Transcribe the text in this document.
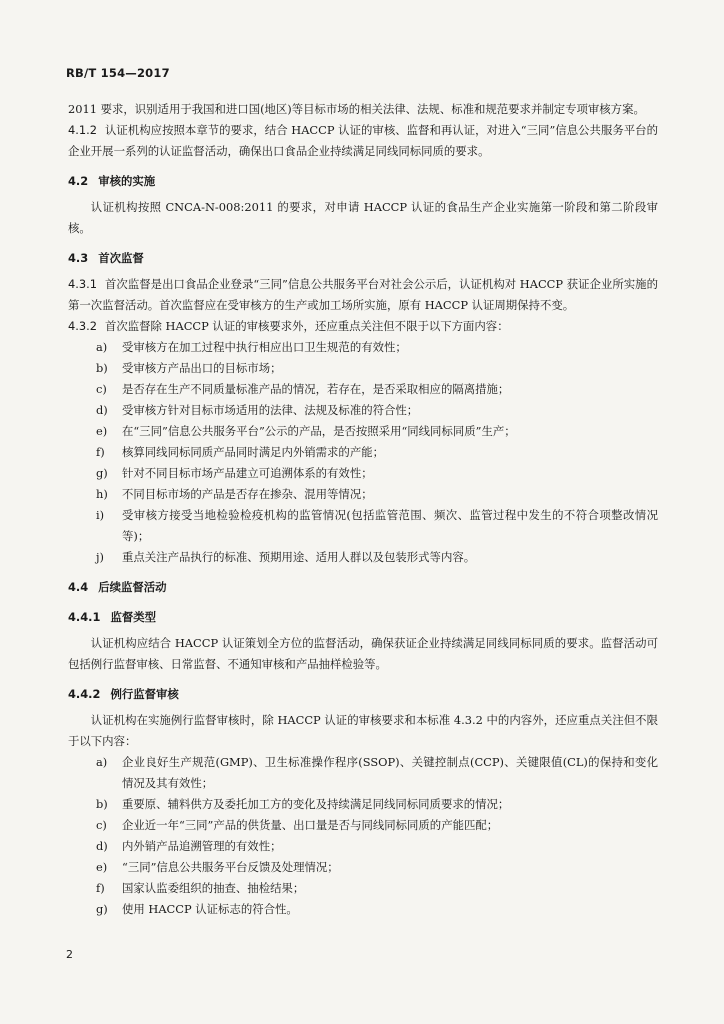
RB/T 154—2017

2011 要求，识别适用于我国和进口国(地区)等目标市场的相关法律、法规、标准和规范要求并制定专项审核方案。

4.1.2 认证机构应按照本章节的要求，结合 HACCP 认证的审核、监督和再认证，对进入“三同”信息公共服务平台的企业开展一系列的认证监督活动，确保出口食品企业持续满足同线同标同质的要求。

4.2 审核的实施

认证机构按照 CNCA-N-008:2011 的要求，对申请 HACCP 认证的食品生产企业实施第一阶段和第二阶段审核。

4.3 首次监督

4.3.1 首次监督是出口食品企业登录“三同”信息公共服务平台对社会公示后，认证机构对 HACCP 获证企业所实施的第一次监督活动。首次监督应在受审核方的生产或加工场所实施，原有 HACCP 认证周期保持不变。

4.3.2 首次监督除 HACCP 认证的审核要求外，还应重点关注但不限于以下方面内容：

a) 受审核方在加工过程中执行相应出口卫生规范的有效性；
b) 受审核方产品出口的目标市场；
c) 是否存在生产不同质量标准产品的情况，若存在，是否采取相应的隔离措施；
d) 受审核方针对目标市场适用的法律、法规及标准的符合性；
e) 在“三同”信息公共服务平台”公示的产品，是否按照采用“同线同标同质”生产；
f) 核算同线同标同质产品同时满足内外销需求的产能；
g) 针对不同目标市场产品建立可追溯体系的有效性；
h) 不同目标市场的产品是否存在掺杂、混用等情况；
i) 受审核方接受当地检验检疫机构的监管情况(包括监管范围、频次、监管过程中发生的不符合项整改情况等)；
j) 重点关注产品执行的标准、预期用途、适用人群以及包装形式等内容。

4.4 后续监督活动

4.4.1 监督类型

认证机构应结合 HACCP 认证策划全方位的监督活动，确保获证企业持续满足同线同标同质的要求。监督活动可包括例行监督审核、日常监督、不通知审核和产品抽样检验等。

4.4.2 例行监督审核

认证机构在实施例行监督审核时，除 HACCP 认证的审核要求和本标准 4.3.2 中的内容外，还应重点关注但不限于以下内容：

a) 企业良好生产规范(GMP)、卫生标准操作程序(SSOP)、关键控制点(CCP)、关键限值(CL)的保持和变化情况及其有效性；
b) 重要原、辅料供方及委托加工方的变化及持续满足同线同标同质要求的情况；
c) 企业近一年“三同”产品的供货量、出口量是否与同线同标同质的产能匹配；
d) 内外销产品追溯管理的有效性；
e) “三同”信息公共服务平台反馈及处理情况；
f) 国家认监委组织的抽查、抽检结果；
g) 使用 HACCP 认证标志的符合性。
2
